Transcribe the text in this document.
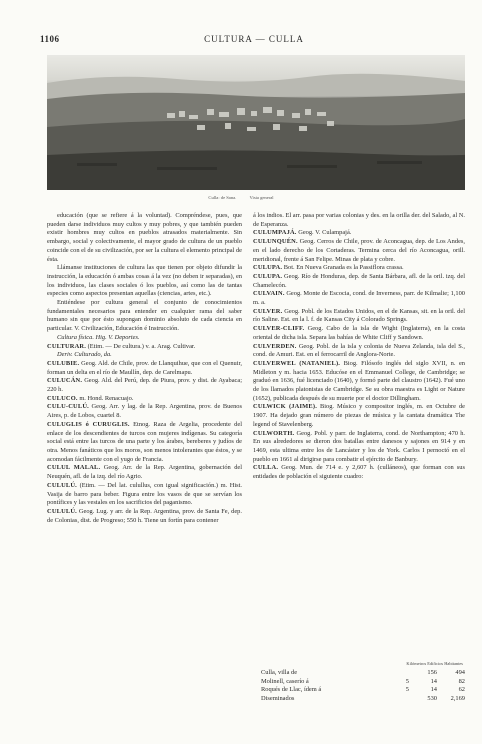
1106	CULTURA — CULLA
Culla: de Sana.	Vista general

educación (que se refiere á la voluntad). Compréndese, pues, que pueden darse individuos muy cultos y muy pobres, y que también pueden existir hombres muy cultos en pueblos atrasados materialmente. Sin embargo, social y colectivamente, el mayor grado de cultura de un pueblo coincide con el de su civilización, por ser la cultura el elemento principal de ésta.

Llámanse instituciones de cultura las que tienen por objeto difundir la instrucción, la educación ó ambas cosas á la vez (no deben ir separadas), en los individuos, las clases sociales ó los pueblos, así como las de tantas especies como aspectos presentan aquellas (ciencias, artes, etc.).

Entiéndese por cultura general el conjunto de conocimientos fundamentales necesarios para entender en cualquier rama del saber humano sin que por ésto supongan dominio absoluto de cada ciencia en particular. V. Civilización, Educación é Instrucción.

Cultura física. Hig. V. Deportes.

CULTURAR. (Etim. — De cultura.) v. a. Arag. Cultivar.

Deriv. Culturado, da.

CULUBIE. Geog. Ald. de Chile, prov. de Llanquihue, que con el Quenuir, forman un delta en el río de Maullín, dep. de Carelmapu.

CULUCÁN. Geog. Ald. del Perú, dep. de Piura, prov. y dist. de Ayabaca; 220 h.

CULUCO. m. Hond. Renacuajo.

CULU-CULÚ. Geog. Arr. y lag. de la Rep. Argentina, prov. de Buenos Aires, p. de Lobos, cuartel 8.

CULUGLIS ó CURUGLIS. Etnog. Raza de Argelia, procedente del enlace de los descendientes de turcos con mujeres indígenas. Su categoría social está entre las turcos de una parte y los árabes, bereberes y judíos de otra. Menos fanáticos que los moros, son menos intolerantes que éstos, y se acomodan fácilmente con el yugo de Francia.

CULUL MALAL. Geog. Arr. de la Rep. Argentina, gobernación del Neuquén, afl. de la izq. del río Agrio.

CULULÚ. (Etim. — Del lat. culullus, con igual significación.) m. Hist. Vasija de barro para beber. Figura entre los vasos de que se servían los pontífices y las vestales en los sacrificios del paganismo.

CULULÚ. Geog. Lug. y arr. de la Rep. Argentina, prov. de Santa Fe, dep. de Colonias, dist. de Progreso; 550 h. Tiene un fortín para contener

á los indios. El arr. pasa por varias colonias y des. en la orilla der. del Salado, al N. de Esperanza.

CULUMPAJÁ. Geog. V. Culampajá.

CULUNQUÉN. Geog. Cerros de Chile, prov. de Aconcagua, dep. de Los Andes, en el lado derecho de los Cortaderas. Termina cerca del río Aconcagua, orill. meridional, frente á San Felipe. Minas de plata y cobre.

CULUPA. Bot. En Nueva Granada es la Passiflora crassa.

CULUPA. Geog. Río de Honduras, dep. de Santa Bárbara, afl. de la oril. izq. del Chamelecón.

CULVAIN. Geog. Monte de Escocia, cond. de Inverness, parr. de Kilmalie; 1,100 m. a.

CULVER. Geog. Pobl. de los Estados Unidos, en el de Kansas, sit. en la oril. del río Saline. Est. en la l. f. de Kansas City á Colorado Springs.

CULVER-CLIFF. Geog. Cabo de la isla de Wight (Inglaterra), en la costa oriental de dicha isla. Separa las bahías de White Cliff y Sandown.

CULVERDEN. Geog. Pobl. de la isla y colonia de Nueva Zelanda, isla del S., cond. de Amuri. Est. en el ferrocarril de Anglora-Norte.

CULVERWEL (NATANIEL). Biog. Filósofo inglés del siglo XVII, n. en Midleton y m. hacia 1653. Educóse en el Emmanuel College, de Cambridge; se graduó en 1636, fué licenciado (1640), y formó parte del claustro (1642). Fué uno de los llamados platonistas de Cambridge. Se su obra maestra es Light or Nature (1652), publicada después de su muerte por el doctor Dillingham.

CULWICK (JAIME). Biog. Músico y compositor inglés, m. en Octubre de 1907. Ha dejado gran número de piezas de música y la cantata dramática The legend of Stavelenberg.

CULWORTH. Geog. Pobl. y parr. de Inglaterra, cond. de Northampton; 470 h. En sus alrededores se dieron dos batallas entre danesos y sajones en 914 y en 1469, esta ultima entre los de Lancáster y los de York. Carlos I pernoctó en el pueblo en 1661 al dirigirse para combatir el ejército de Banbury.

CULLA. Geog. Mun. de 714 e. y 2,607 h. (culláneos), que forman con sus entidades de población el siguiente cuadro:

Kilómetros Edificios Habitantes
Culla, villa de		156	494
Molinell, caserío á	5	14	82
Roqués de Llac, ídem á	5	14	62
Diseminados		530	2,169
